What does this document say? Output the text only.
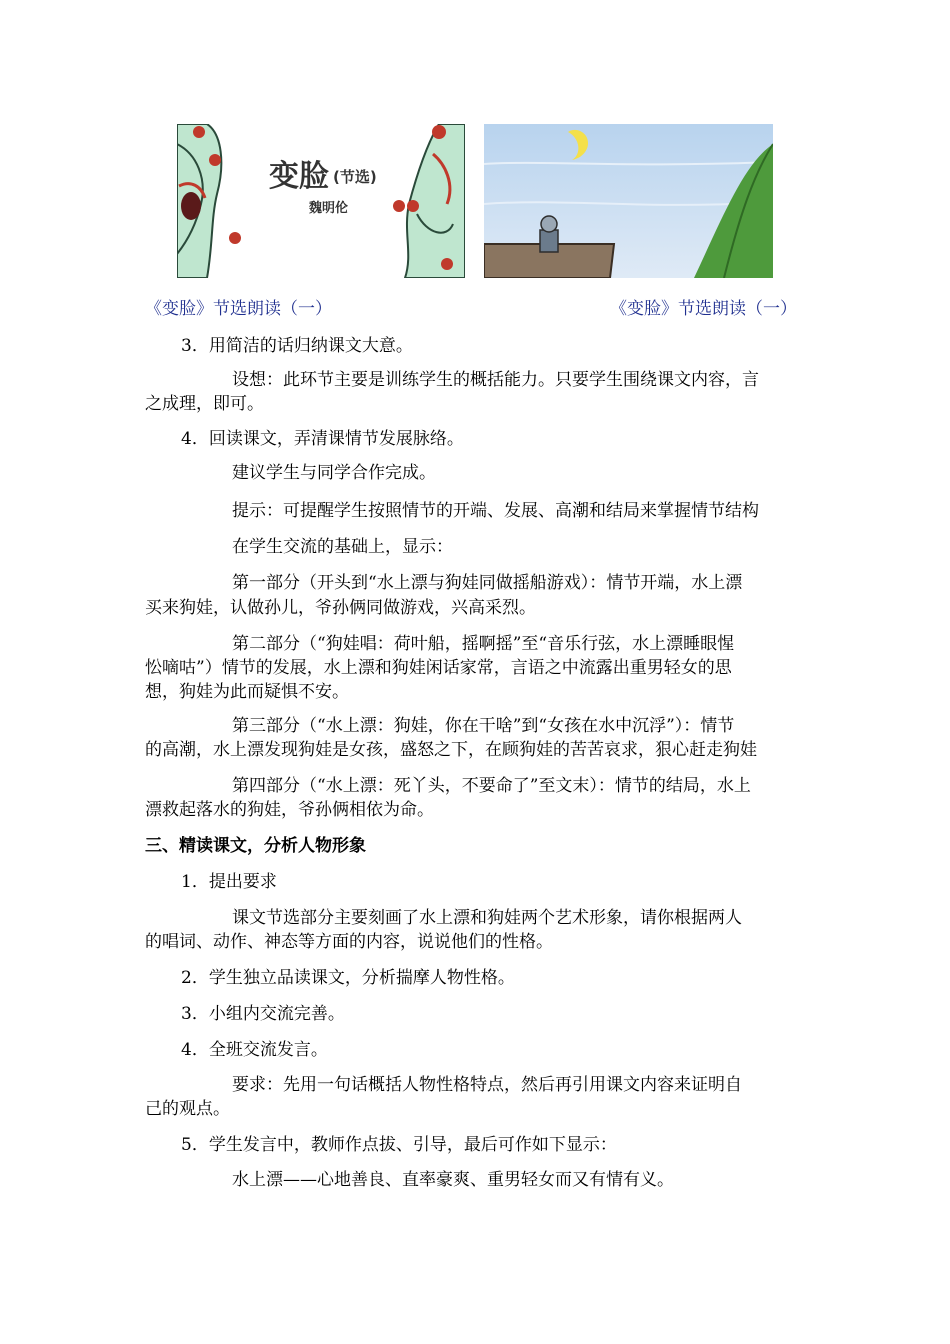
变脸 (节选)
魏明伦
《变脸》节选朗读（一）	《变脸》节选朗读（一）
3．用简洁的话归纳课文大意。
设想：此环节主要是训练学生的概括能力。只要学生围绕课文内容，言
之成理，即可。
4．回读课文，弄清课情节发展脉络。
建议学生与同学合作完成。
提示：可提醒学生按照情节的开端、发展、高潮和结局来掌握情节结构
在学生交流的基础上，显示：
第一部分（开头到“水上漂与狗娃同做摇船游戏）：情节开端，水上漂
买来狗娃，认做孙儿，爷孙俩同做游戏，兴高采烈。
第二部分（“狗娃唱：荷叶船，摇啊摇”至“音乐行弦，水上漂睡眼惺
忪嘀咕”）情节的发展，水上漂和狗娃闲话家常，言语之中流露出重男轻女的思
想，狗娃为此而疑惧不安。
第三部分（“水上漂：狗娃，你在干啥”到“女孩在水中沉浮”）：情节
的高潮，水上漂发现狗娃是女孩，盛怒之下，在顾狗娃的苦苦哀求，狠心赶走狗娃
第四部分（“水上漂：死丫头，不要命了”至文末）：情节的结局，水上
漂救起落水的狗娃，爷孙俩相依为命。
三、精读课文，分析人物形象
1．提出要求
课文节选部分主要刻画了水上漂和狗娃两个艺术形象，请你根据两人
的唱词、动作、神态等方面的内容，说说他们的性格。
2．学生独立品读课文，分析揣摩人物性格。
3．小组内交流完善。
4．全班交流发言。
要求：先用一句话概括人物性格特点，然后再引用课文内容来证明自
己的观点。
5．学生发言中，教师作点拔、引导，最后可作如下显示：
水上漂——心地善良、直率豪爽、重男轻女而又有情有义。
